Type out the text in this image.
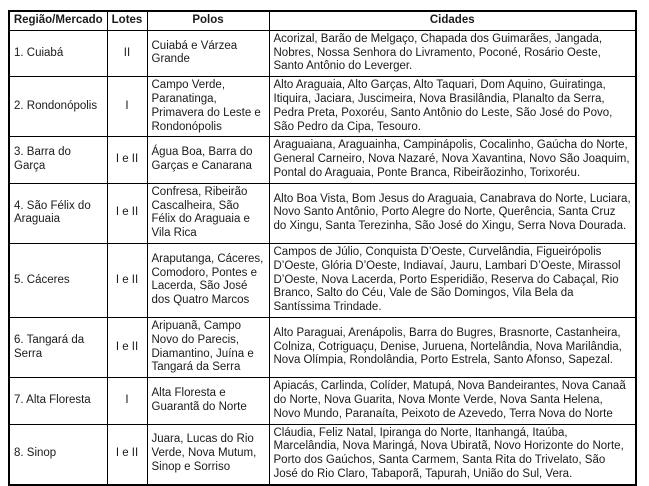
Região/Mercado	Lotes	Polos	Cidades
1. Cuiabá	II	Cuiabá e Várzea Grande	Acorizal, Barão de Melgaço, Chapada dos Guimarães, Jangada, Nobres, Nossa Senhora do Livramento, Poconé, Rosário Oeste, Santo Antônio do Leverger.
2. Rondonópolis	I	Campo Verde, Paranatinga, Primavera do Leste e Rondonópolis	Alto Araguaia, Alto Garças, Alto Taquari, Dom Aquino, Guiratinga, Itiquira, Jaciara, Juscimeira, Nova Brasilândia, Planalto da Serra, Pedra Preta, Poxoréu, Santo Antônio do Leste, São José do Povo, São Pedro da Cipa, Tesouro.
3. Barra do Garça	I e II	Água Boa, Barra do Garças e Canarana	Araguaiana, Araguainha, Campinápolis, Cocalinho, Gaúcha do Norte, General Carneiro, Nova Nazaré, Nova Xavantina, Novo São Joaquim, Pontal do Araguaia, Ponte Branca, Ribeirãozinho, Torixoréu.
4. São Félix do Araguaia	I e II	Confresa, Ribeirão Cascalheira, São Félix do Araguaia e Vila Rica	Alto Boa Vista, Bom Jesus do Araguaia, Canabrava do Norte, Luciara, Novo Santo Antônio, Porto Alegre do Norte, Querência, Santa Cruz do Xingu, Santa Terezinha, São José do Xingu, Serra Nova Dourada.
5. Cáceres	I e II	Araputanga, Cáceres, Comodoro, Pontes e Lacerda, São José dos Quatro Marcos	Campos de Júlio, Conquista D’Oeste, Curvelândia, Figueirópolis D’Oeste, Glória D’Oeste, Indiavaí, Jauru, Lambari D’Oeste, Mirassol D’Oeste, Nova Lacerda, Porto Esperidião, Reserva do Cabaçal, Rio Branco, Salto do Céu, Vale de São Domingos, Vila Bela da Santíssima Trindade.
6. Tangará da Serra	I e II	Aripuanã, Campo Novo do Parecis, Diamantino, Juína e Tangará da Serra	Alto Paraguai, Arenápolis, Barra do Bugres, Brasnorte, Castanheira, Colniza, Cotriguaçu, Denise, Juruena, Nortelândia, Nova Marilândia, Nova Olímpia, Rondolândia, Porto Estrela, Santo Afonso, Sapezal.
7. Alta Floresta	I	Alta Floresta e Guarantã do Norte	Apiacás, Carlinda, Colíder, Matupá, Nova Bandeirantes, Nova Canaã do Norte, Nova Guarita, Nova Monte Verde, Nova Santa Helena, Novo Mundo, Paranaíta, Peixoto de Azevedo, Terra Nova do Norte
8. Sinop	I e II	Juara, Lucas do Rio Verde, Nova Mutum, Sinop e Sorriso	Cláudia, Feliz Natal, Ipiranga do Norte, Itanhangá, Itaúba, Marcelândia, Nova Maringá, Nova Ubiratã, Novo Horizonte do Norte, Porto dos Gaúchos, Santa Carmem, Santa Rita do Trivelato, São José do Rio Claro, Tabaporã, Tapurah, União do Sul, Vera.
